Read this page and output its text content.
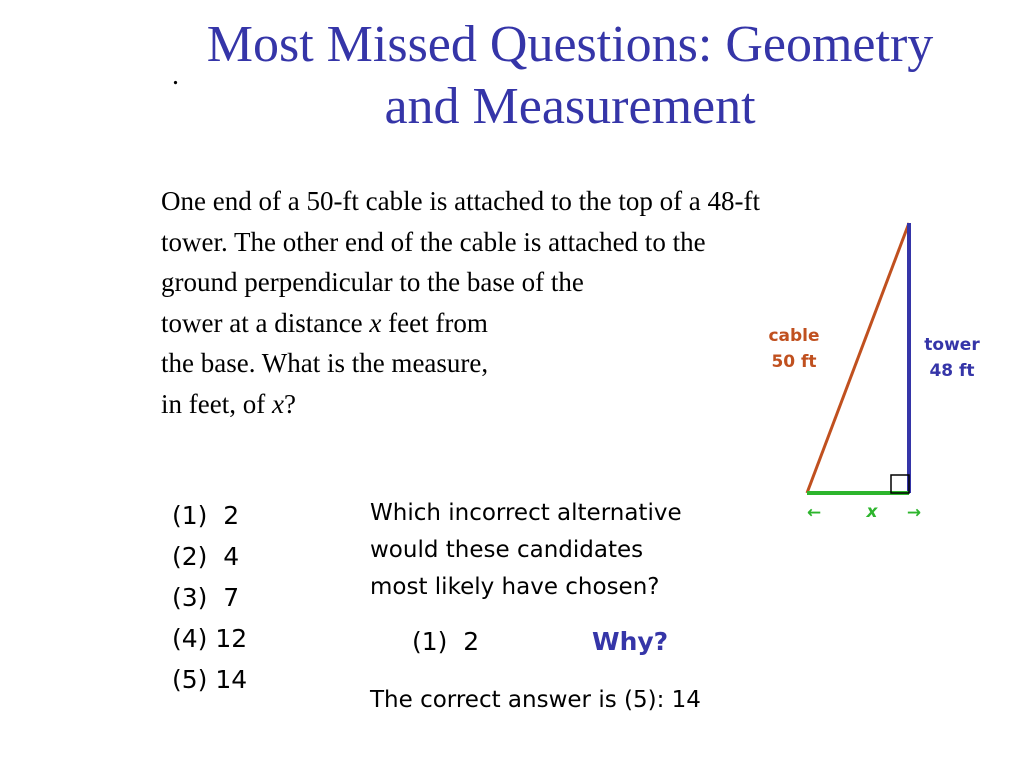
Most Missed Questions: Geometry
and Measurement
.
One end of a 50-ft cable is attached to the top of a 48-ft
tower. The other end of the cable is attached to the
ground perpendicular to the base of the
tower at a distance x feet from
the base. What is the measure,
in feet, of x?
(1)  2
(2)  4
(3)  7
(4) 12
(5) 14
Which incorrect alternative
would these candidates
most likely have chosen?
(1)  2	Why?
The correct answer is (5): 14
cable
50 ft
tower
48 ft
←	x →
